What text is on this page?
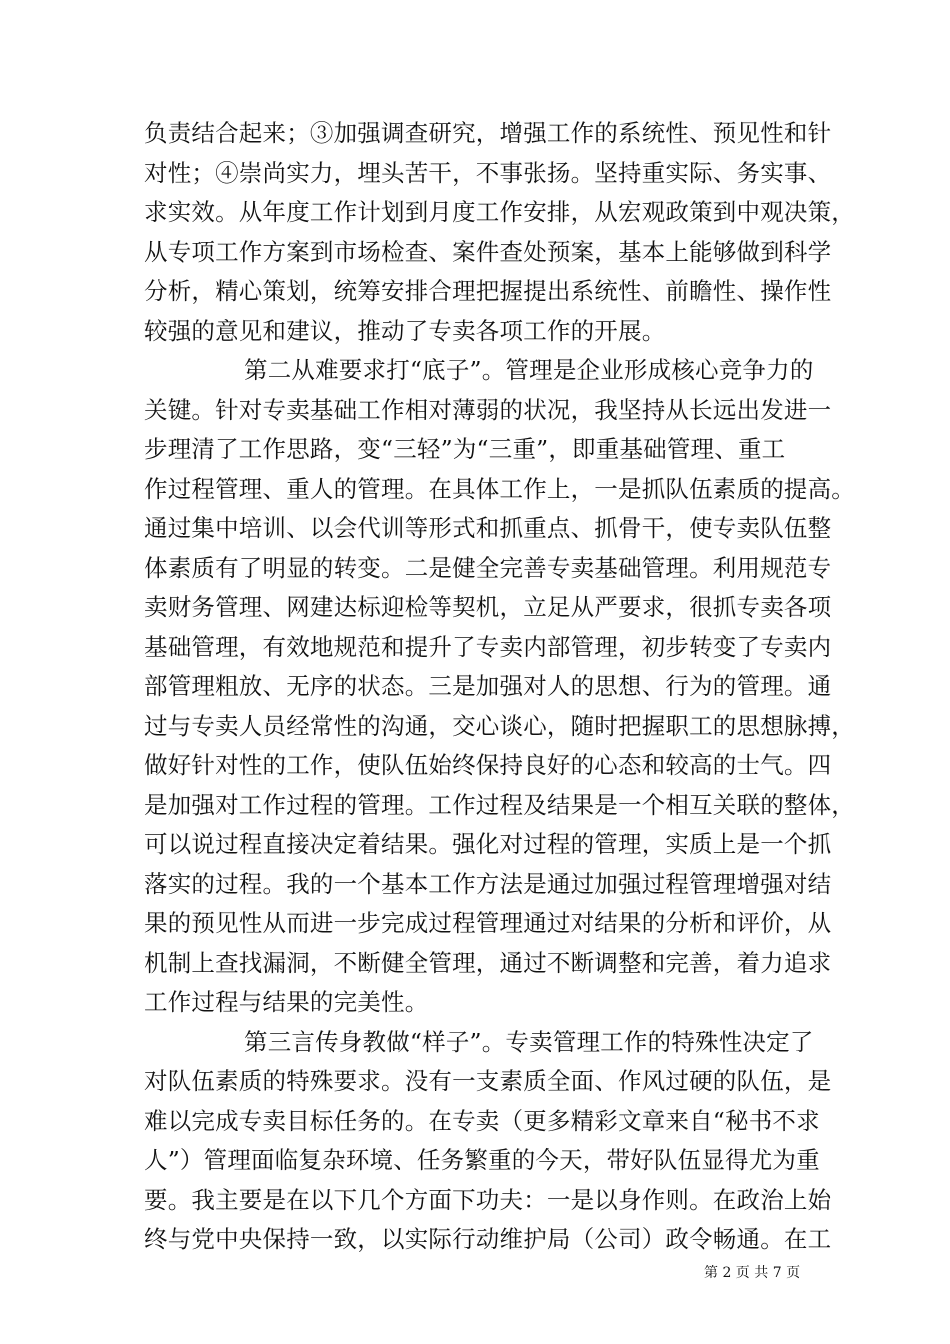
负责结合起来；③加强调查研究，增强工作的系统性、预见性和针
对性；④崇尚实力，埋头苦干，不事张扬。坚持重实际、务实事、
求实效。从年度工作计划到月度工作安排，从宏观政策到中观决策，
从专项工作方案到市场检查、案件查处预案，基本上能够做到科学
分析，精心策划，统筹安排合理把握提出系统性、前瞻性、操作性
较强的意见和建议，推动了专卖各项工作的开展。
第二从难要求打“底子”。管理是企业形成核心竞争力的
关键。针对专卖基础工作相对薄弱的状况，我坚持从长远出发进一
步理清了工作思路，变“三轻”为“三重”，即重基础管理、重工
作过程管理、重人的管理。在具体工作上，一是抓队伍素质的提高。
通过集中培训、以会代训等形式和抓重点、抓骨干，使专卖队伍整
体素质有了明显的转变。二是健全完善专卖基础管理。利用规范专
卖财务管理、网建达标迎检等契机，立足从严要求，很抓专卖各项
基础管理，有效地规范和提升了专卖内部管理，初步转变了专卖内
部管理粗放、无序的状态。三是加强对人的思想、行为的管理。通
过与专卖人员经常性的沟通，交心谈心，随时把握职工的思想脉搏，
做好针对性的工作，使队伍始终保持良好的心态和较高的士气。四
是加强对工作过程的管理。工作过程及结果是一个相互关联的整体，
可以说过程直接决定着结果。强化对过程的管理，实质上是一个抓
落实的过程。我的一个基本工作方法是通过加强过程管理增强对结
果的预见性从而进一步完成过程管理通过对结果的分析和评价，从
机制上查找漏洞，不断健全管理，通过不断调整和完善，着力追求
工作过程与结果的完美性。
第三言传身教做“样子”。专卖管理工作的特殊性决定了
对队伍素质的特殊要求。没有一支素质全面、作风过硬的队伍，是
难以完成专卖目标任务的。在专卖（更多精彩文章来自“秘书不求
人”）管理面临复杂环境、任务繁重的今天，带好队伍显得尤为重
要。我主要是在以下几个方面下功夫：一是以身作则。在政治上始
终与党中央保持一致，以实际行动维护局（公司）政令畅通。在工
第 2 页 共 7 页
